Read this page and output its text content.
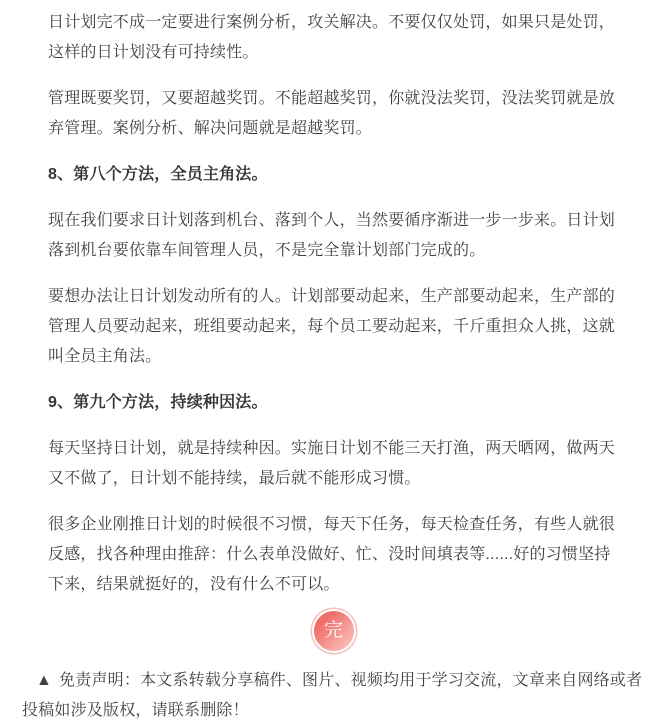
日计划完不成一定要进行案例分析，攻关解决。不要仅仅处罚，如果只是处罚，这样的日计划没有可持续性。

管理既要奖罚，又要超越奖罚。不能超越奖罚，你就没法奖罚，没法奖罚就是放弃管理。案例分析、解决问题就是超越奖罚。

8、第八个方法，全员主角法。

现在我们要求日计划落到机台、落到个人，当然要循序渐进一步一步来。日计划落到机台要依靠车间管理人员，不是完全靠计划部门完成的。

要想办法让日计划发动所有的人。计划部要动起来，生产部要动起来，生产部的管理人员要动起来，班组要动起来，每个员工要动起来，千斤重担众人挑，这就叫全员主角法。

9、第九个方法，持续种因法。

每天坚持日计划，就是持续种因。实施日计划不能三天打渔，两天晒网，做两天又不做了，日计划不能持续，最后就不能形成习惯。

很多企业刚推日计划的时候很不习惯，每天下任务，每天检查任务，有些人就很反感，找各种理由推辞：什么表单没做好、忙、没时间填表等......好的习惯坚持下来，结果就挺好的，没有什么不可以。

完

▲ 免责声明：本文系转载分享稿件、图片、视频均用于学习交流，文章来自网络或者投稿如涉及版权，请联系删除！
